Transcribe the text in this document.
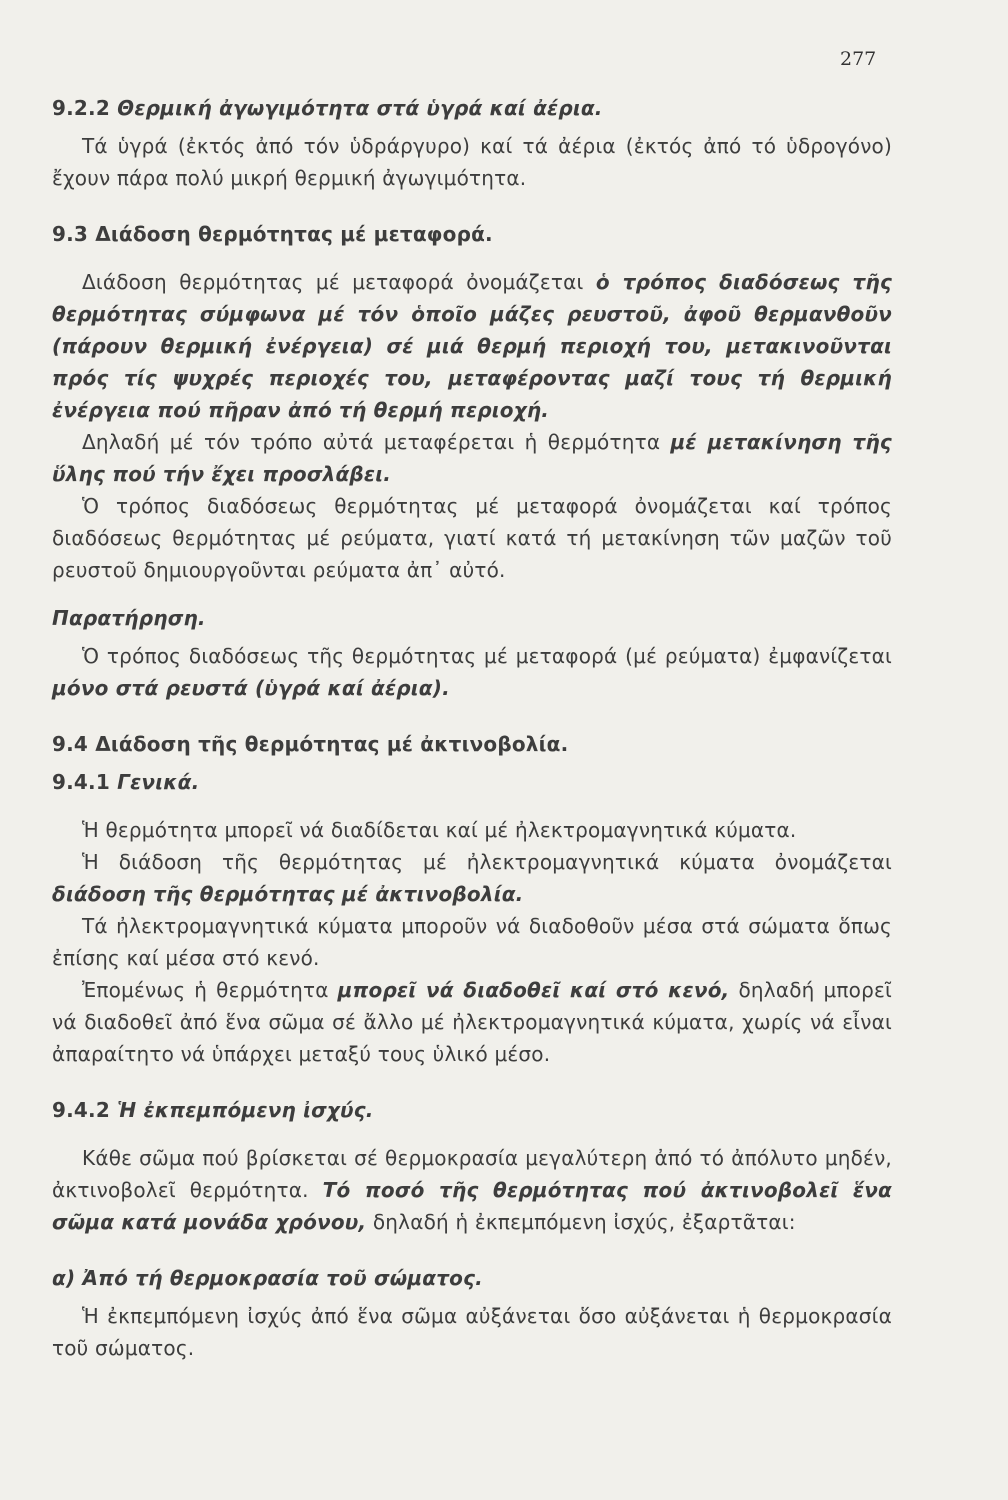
277
9.2.2 Θερμική ἀγωγιμότητα στά ὑγρά καί ἀέρια.

Τά ὑγρά (ἐκτός ἀπό τόν ὑδράργυρο) καί τά ἀέρια (ἐκτός ἀπό τό ὑδρογόνο) ἔχουν πάρα πολύ μικρή θερμική ἀγωγιμότητα.

9.3 Διάδοση θερμότητας μέ μεταφορά.

Διάδοση θερμότητας μέ μεταφορά ὀνομάζεται ὁ τρόπος διαδόσεως τῆς θερμότητας σύμφωνα μέ τόν ὁποῖο μάζες ρευστοῦ, ἀφοῦ θερμανθοῦν (πάρουν θερμική ἐνέργεια) σέ μιά θερμή περιοχή του, μετακινοῦνται πρός τίς ψυχρές περιοχές του, μεταφέροντας μαζί τους τή θερμική ἐνέργεια πού πῆραν ἀπό τή θερμή περιοχή.

Δηλαδή μέ τόν τρόπο αὐτά μεταφέρεται ἡ θερμότητα μέ μετακίνηση τῆς ὕλης πού τήν ἔχει προσλάβει.

Ὁ τρόπος διαδόσεως θερμότητας μέ μεταφορά ὀνομάζεται καί τρόπος διαδόσεως θερμότητας μέ ρεύματα, γιατί κατά τή μετακίνηση τῶν μαζῶν τοῦ ρευστοῦ δημιουργοῦνται ρεύματα ἀπ᾿ αὐτό.

Παρατήρηση.

Ὁ τρόπος διαδόσεως τῆς θερμότητας μέ μεταφορά (μέ ρεύματα) ἐμφανίζεται μόνο στά ρευστά (ὑγρά καί ἀέρια).

9.4 Διάδοση τῆς θερμότητας μέ ἀκτινοβολία.
9.4.1 Γενικά.

Ἡ θερμότητα μπορεῖ νά διαδίδεται καί μέ ἠλεκτρομαγνητικά κύματα.

Ἡ διάδοση τῆς θερμότητας μέ ἠλεκτρομαγνητικά κύματα ὀνομάζεται διάδοση τῆς θερμότητας μέ ἀκτινοβολία.

Τά ἠλεκτρομαγνητικά κύματα μποροῦν νά διαδοθοῦν μέσα στά σώματα ὅπως ἐπίσης καί μέσα στό κενό.

Ἐπομένως ἡ θερμότητα μπορεῖ νά διαδοθεῖ καί στό κενό, δηλαδή μπορεῖ νά διαδοθεῖ ἀπό ἕνα σῶμα σέ ἄλλο μέ ἠλεκτρομαγνητικά κύματα, χωρίς νά εἶναι ἀπαραίτητο νά ὑπάρχει μεταξύ τους ὑλικό μέσο.

9.4.2 Ἡ ἐκπεμπόμενη ἰσχύς.

Κάθε σῶμα πού βρίσκεται σέ θερμοκρασία μεγαλύτερη ἀπό τό ἀπόλυτο μηδέν, ἀκτινοβολεῖ θερμότητα. Τό ποσό τῆς θερμότητας πού ἀκτινοβολεῖ ἕνα σῶμα κατά μονάδα χρόνου, δηλαδή ἡ ἐκπεμπόμενη ἰσχύς, ἐξαρτᾶται:

α) Ἀπό τή θερμοκρασία τοῦ σώματος.

Ἡ ἐκπεμπόμενη ἰσχύς ἀπό ἕνα σῶμα αὐξάνεται ὅσο αὐξάνεται ἡ θερμοκρασία τοῦ σώματος.
